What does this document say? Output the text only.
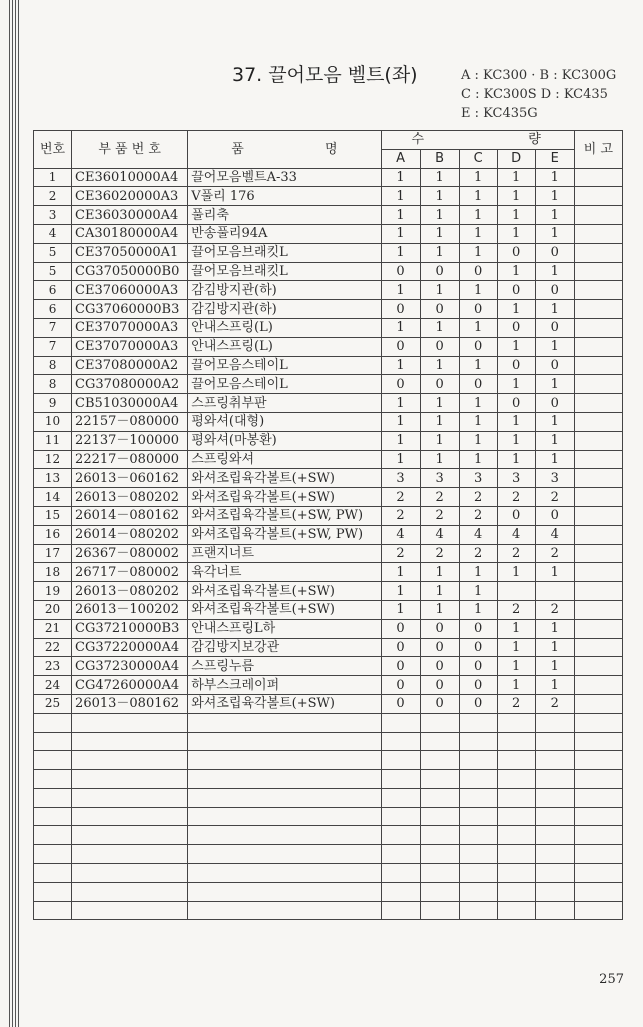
37. 끌어모음 벨트(좌)	A : KC300 · B : KC300G
C : KC300S D : KC435
E : KC435G
번호	부 품 번 호	품 명	수 량					비 고
			A	B	C	D	E	
1	CE36010000A4	끌어모음벨트A-33	1	1	1	1	1	
2	CE36020000A3	V풀리 176	1	1	1	1	1	
3	CE36030000A4	풀리축	1	1	1	1	1	
4	CA30180000A4	반송풀리94A	1	1	1	1	1	
5	CE37050000A1	끌어모음브래킷L	1	1	1	0	0	
5	CG37050000B0	끌어모음브래킷L	0	0	0	1	1	
6	CE37060000A3	감김방지관(하)	1	1	1	0	0	
6	CG37060000B3	감김방지관(하)	0	0	0	1	1	
7	CE37070000A3	안내스프링(L)	1	1	1	0	0	
7	CE37070000A3	안내스프링(L)	0	0	0	1	1	
8	CE37080000A2	끌어모음스테이L	1	1	1	0	0	
8	CG37080000A2	끌어모음스테이L	0	0	0	1	1	
9	CB51030000A4	스프링취부판	1	1	1	0	0	
10	22157－080000	평와셔(대형)	1	1	1	1	1	
11	22137－100000	평와셔(마봉환)	1	1	1	1	1	
12	22217－080000	스프링와셔	1	1	1	1	1	
13	26013－060162	와셔조립육각볼트(+SW)	3	3	3	3	3	
14	26013－080202	와셔조립육각볼트(+SW)	2	2	2	2	2	
15	26014－080162	와셔조립육각볼트(+SW, PW)	2	2	2	0	0	
16	26014－080202	와셔조립육각볼트(+SW, PW)	4	4	4	4	4	
17	26367－080002	프랜지너트	2	2	2	2	2	
18	26717－080002	육각너트	1	1	1	1	1	
19	26013－080202	와셔조립육각볼트(+SW)	1	1	1			
20	26013－100202	와셔조립육각볼트(+SW)	1	1	1	2	2	
21	CG37210000B3	안내스프링L하	0	0	0	1	1	
22	CG37220000A4	감김방지보강관	0	0	0	1	1	
23	CG37230000A4	스프링누름	0	0	0	1	1	
24	CG47260000A4	하부스크레이퍼	0	0	0	1	1	
25	26013－080162	와셔조립육각볼트(+SW)	0	0	0	2	2	

257
